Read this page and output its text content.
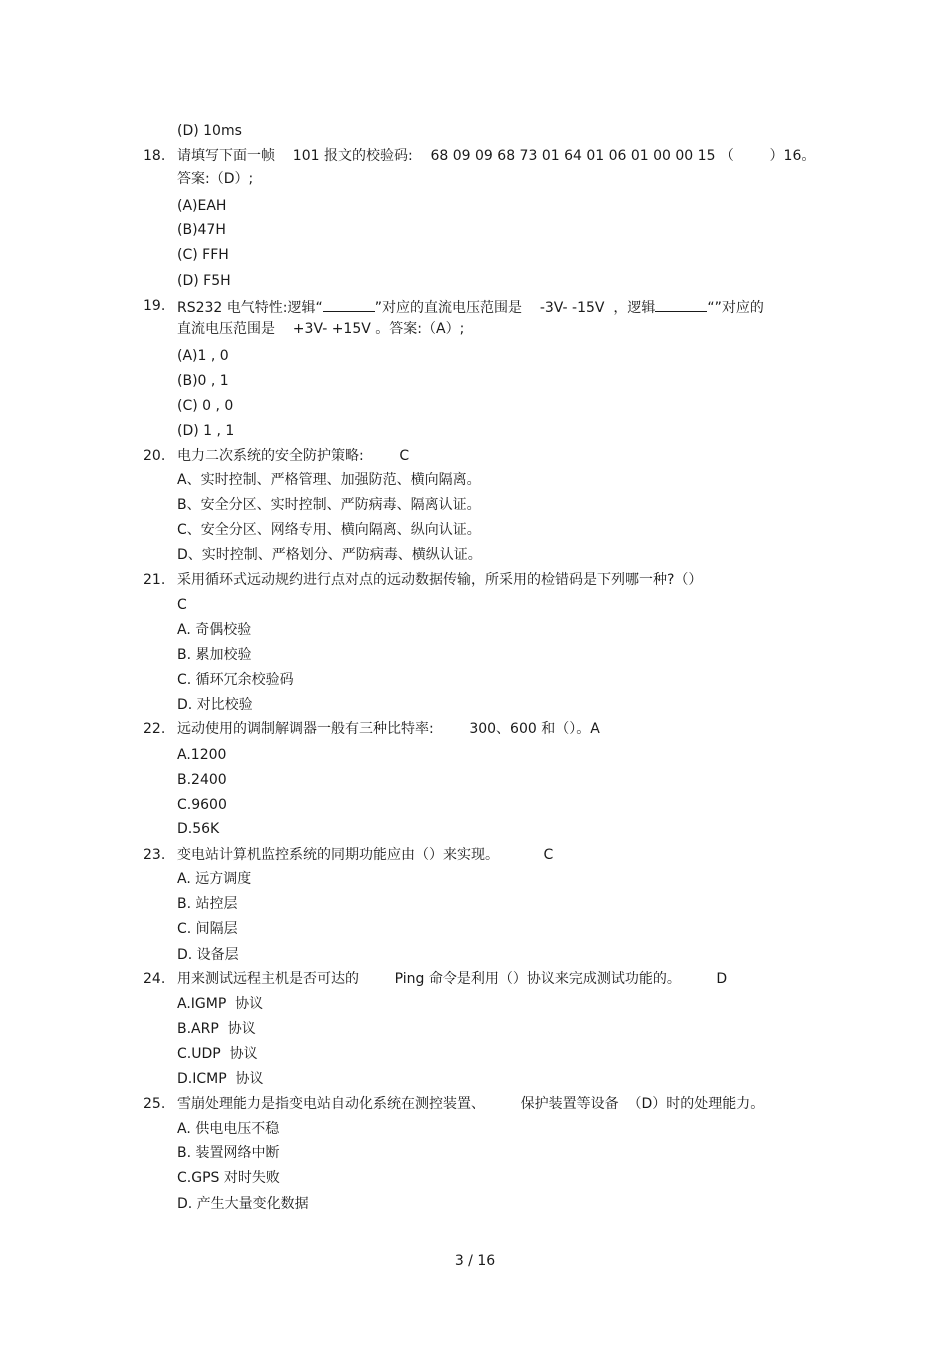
(D) 10ms
18. 请填写下面一帧    101 报文的校验码:    68 09 09 68 73 01 64 01 06 01 00 00 15 （        ）16。
答案:（D）;
(A)EAH
(B)47H
(C) FFH
(D) F5H
19. RS232 电气特性:逻辑“	”对应的直流电压范围是    -3V- -15V  ，逻辑	“”对应的
直流电压范围是    +3V- +15V 。答案:（A）;
(A)1 , 0
(B)0 , 1
(C) 0 , 0
(D) 1 , 1
20. 电力二次系统的安全防护策略:        C
A、实时控制、严格管理、加强防范、横向隔离。
B、安全分区、实时控制、严防病毒、隔离认证。
C、安全分区、网络专用、横向隔离、纵向认证。
D、实时控制、严格划分、严防病毒、横纵认证。
21. 采用循环式远动规约进行点对点的远动数据传输，所采用的检错码是下列哪一种?（）
C
A. 奇偶校验
B. 累加校验
C. 循环冗余校验码
D. 对比校验
22. 远动使用的调制解调器一般有三种比特率:        300、600 和（）。A
A.1200
B.2400
C.9600
D.56K
23. 变电站计算机监控系统的同期功能应由（）来实现。          C
A. 远方调度
B. 站控层
C. 间隔层
D. 设备层
24. 用来测试远程主机是否可达的        Ping 命令是利用（）协议来完成测试功能的。        D
A.IGMP  协议
B.ARP  协议
C.UDP  协议
D.ICMP  协议
25. 雪崩处理能力是指变电站自动化系统在测控装置、        保护装置等设备  （D）时的处理能力。
A. 供电电压不稳
B. 装置网络中断
C.GPS 对时失败
D. 产生大量变化数据
3 / 16
